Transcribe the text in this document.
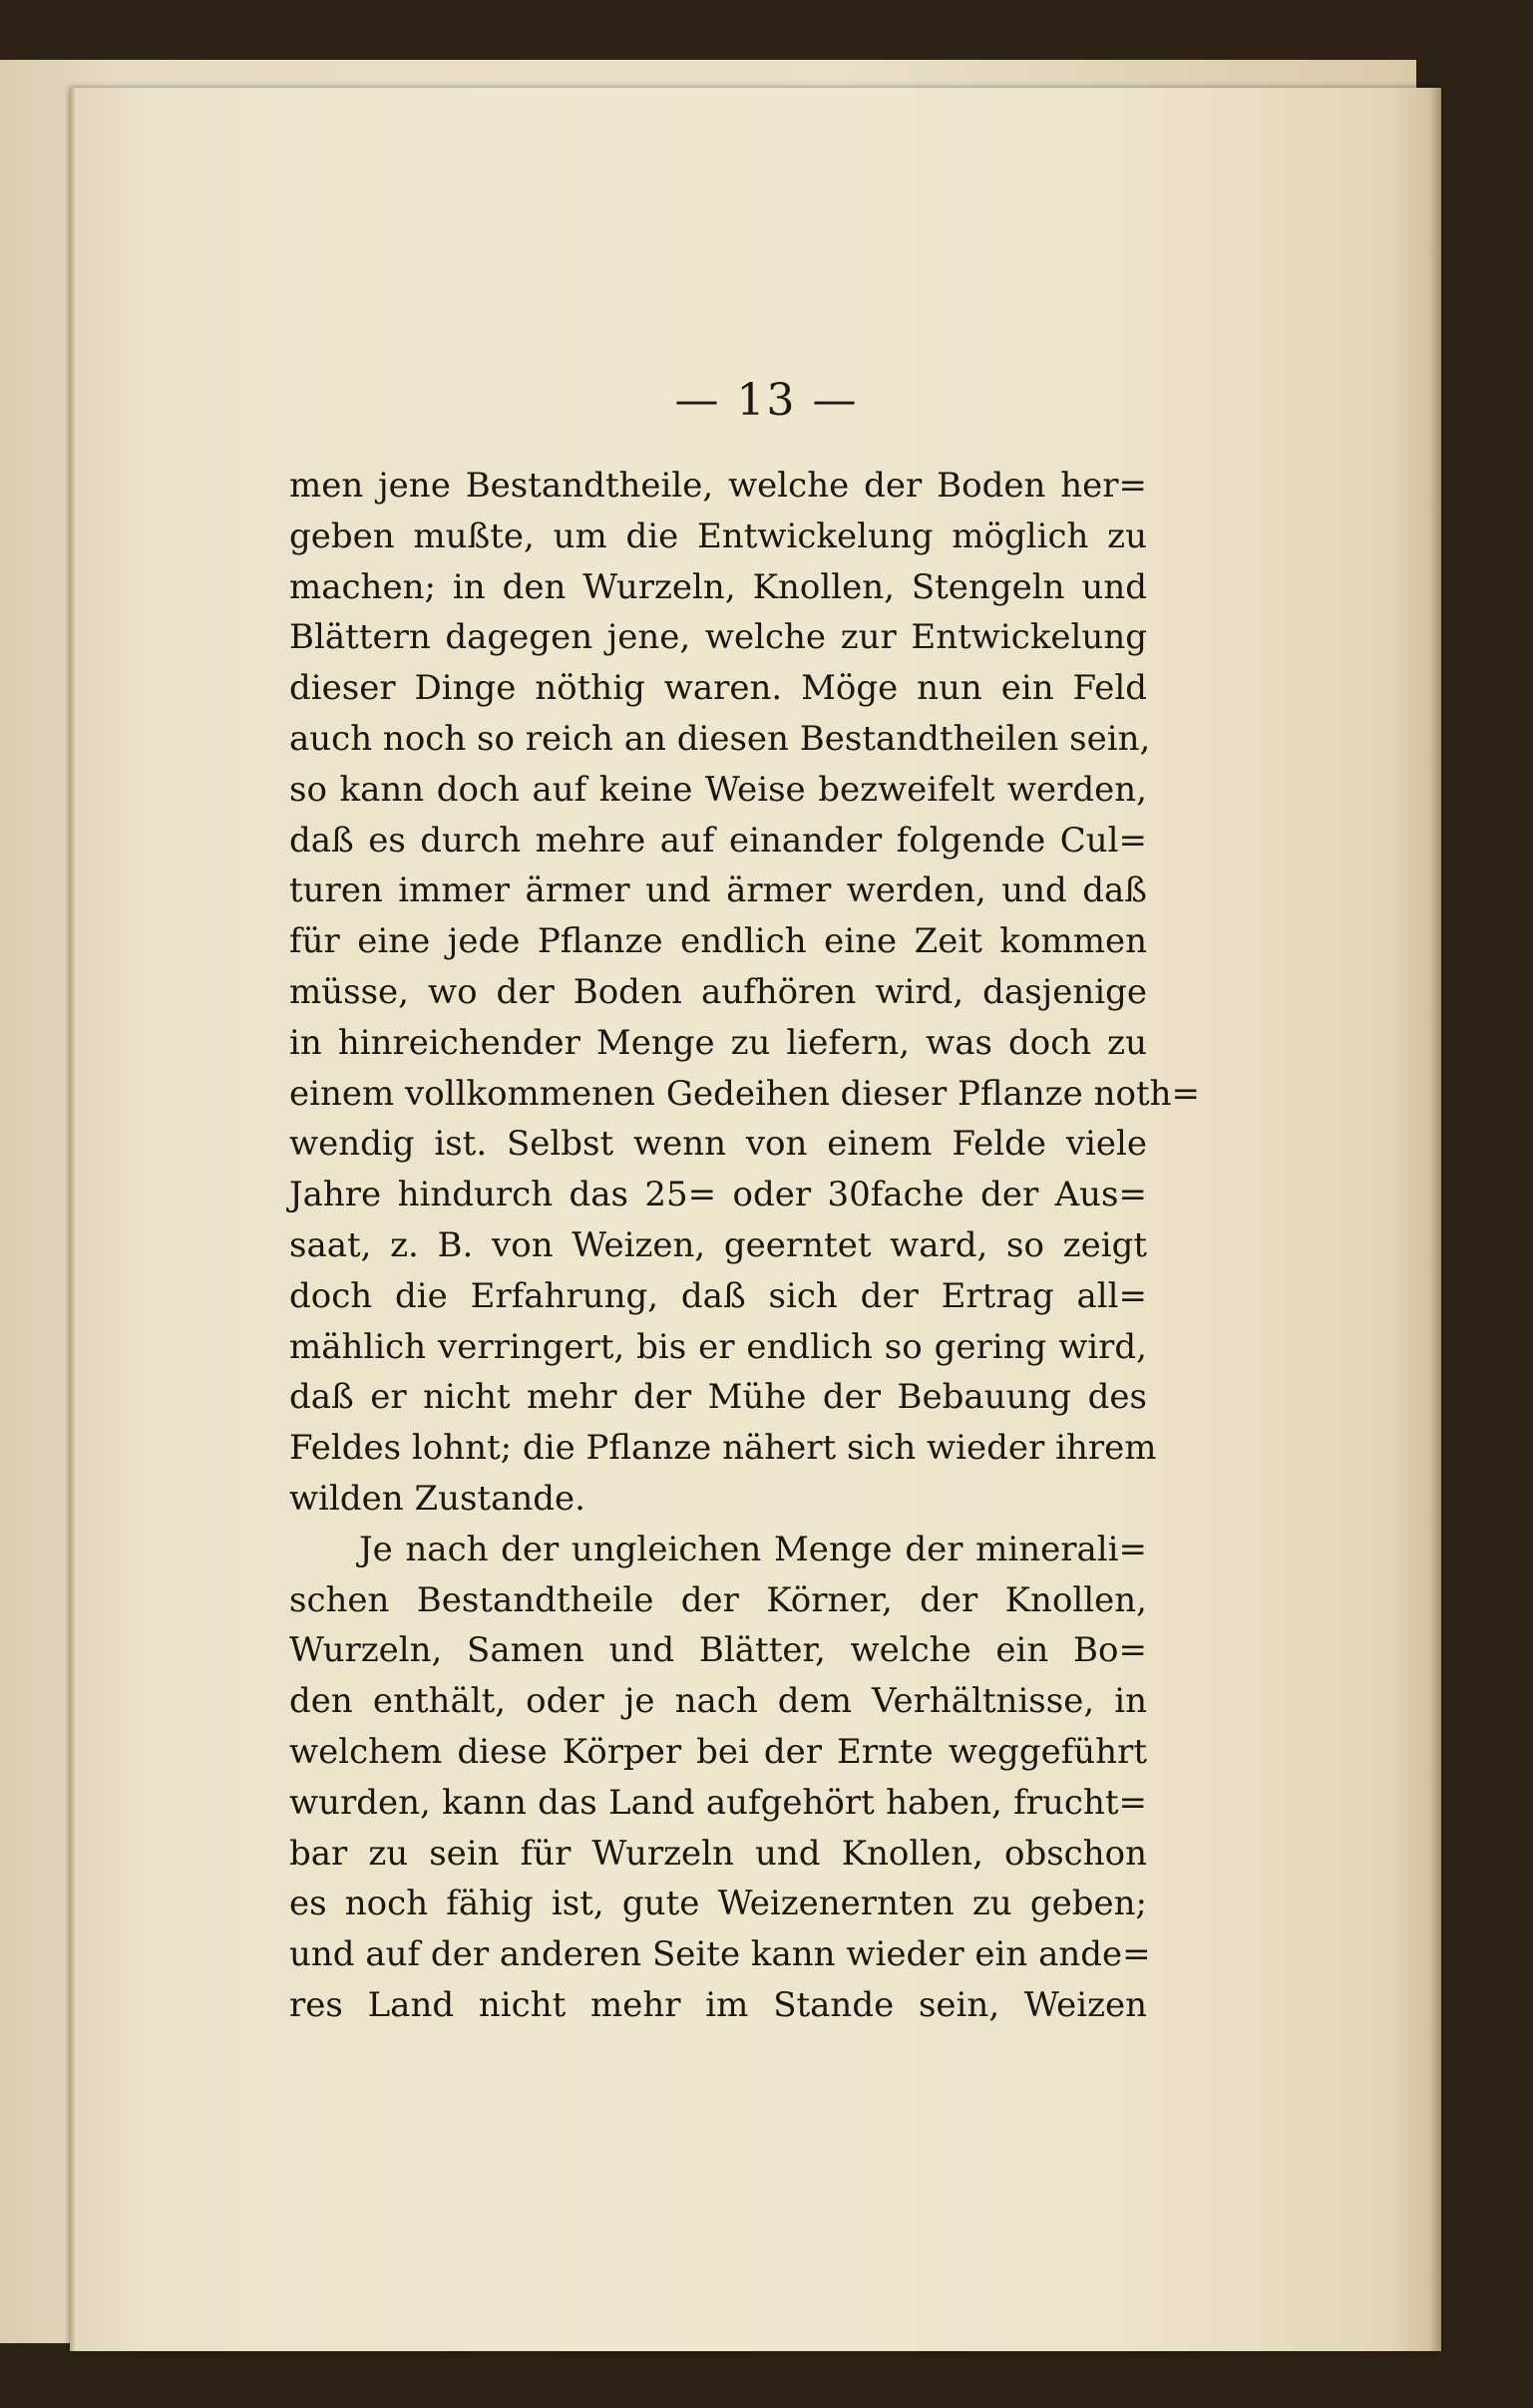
— 13 —
men jene Bestandtheile, welche der Boden her=
geben mußte, um die Entwickelung möglich zu
machen; in den Wurzeln, Knollen, Stengeln und
Blättern dagegen jene, welche zur Entwickelung
dieser Dinge nöthig waren. Möge nun ein Feld
auch noch so reich an diesen Bestandtheilen sein,
so kann doch auf keine Weise bezweifelt werden,
daß es durch mehre auf einander folgende Cul=
turen immer ärmer und ärmer werden, und daß
für eine jede Pflanze endlich eine Zeit kommen
müsse, wo der Boden aufhören wird, dasjenige
in hinreichender Menge zu liefern, was doch zu
einem vollkommenen Gedeihen dieser Pflanze noth=
wendig ist. Selbst wenn von einem Felde viele
Jahre hindurch das 25= oder 30fache der Aus=
saat, z. B. von Weizen, geerntet ward, so zeigt
doch die Erfahrung, daß sich der Ertrag all=
mählich verringert, bis er endlich so gering wird,
daß er nicht mehr der Mühe der Bebauung des
Feldes lohnt; die Pflanze nähert sich wieder ihrem
wilden Zustande.
Je nach der ungleichen Menge der minerali=
schen Bestandtheile der Körner, der Knollen,
Wurzeln, Samen und Blätter, welche ein Bo=
den enthält, oder je nach dem Verhältnisse, in
welchem diese Körper bei der Ernte weggeführt
wurden, kann das Land aufgehört haben, frucht=
bar zu sein für Wurzeln und Knollen, obschon
es noch fähig ist, gute Weizenernten zu geben;
und auf der anderen Seite kann wieder ein ande=
res Land nicht mehr im Stande sein, Weizen
